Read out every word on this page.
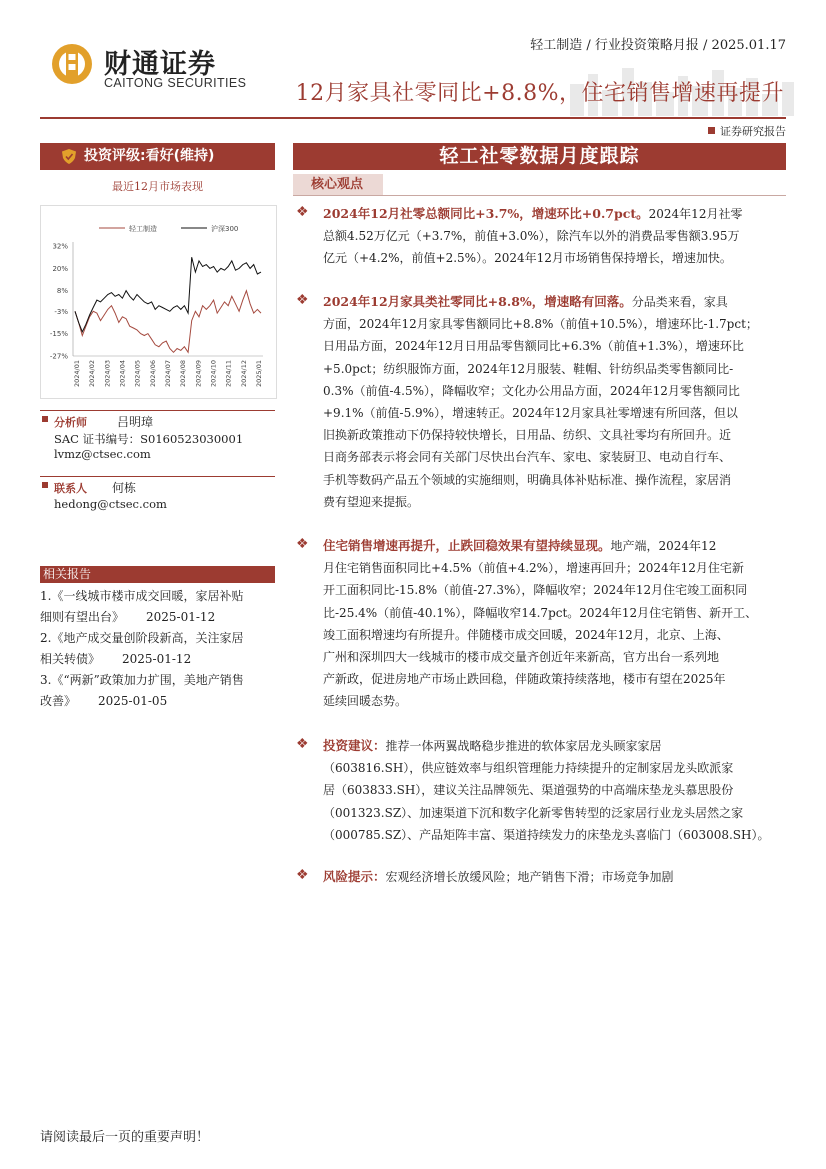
财通证券
CAITONG SECURITIES
轻工制造 / 行业投资策略月报 / 2025.01.17
12月家具社零同比+8.8%，住宅销售增速再提升
证券研究报告
投资评级:看好(维持)
最近12月市场表现
轻工制造	沪深300
32%
20%
8%
-3%
-15%
-27%
2024/01 2024/02 2024/03 2024/04 2024/05 2024/06 2024/07 2024/08 2024/09 2024/10 2024/11 2024/12 2025/01
分析师	吕明璋
SAC 证书编号：S0160523030001
lvmz@ctsec.com
联系人 何栋
hedong@ctsec.com
相关报告
1.《一线城市楼市成交回暖，家居补贴
细则有望出台》 2025-01-12
2.《地产成交量创阶段新高，关注家居
相关转债》 2025-01-12
3.《“两新”政策加力扩围，美地产销售
改善》 2025-01-05
轻工社零数据月度跟踪
核心观点
❖ 2024年12月社零总额同比+3.7%，增速环比+0.7pct。2024年12月社零
总额4.52万亿元（+3.7%，前值+3.0%），除汽车以外的消费品零售额3.95万
亿元（+4.2%，前值+2.5%）。2024年12月市场销售保持增长，增速加快。
❖ 2024年12月家具类社零同比+8.8%，增速略有回落。分品类来看，家具
方面，2024年12月家具零售额同比+8.8%（前值+10.5%），增速环比-1.7pct；
日用品方面，2024年12月日用品零售额同比+6.3%（前值+1.3%），增速环比
+5.0pct；纺织服饰方面，2024年12月服装、鞋帽、针纺织品类零售额同比-
0.3%（前值-4.5%），降幅收窄；文化办公用品方面，2024年12月零售额同比
+9.1%（前值-5.9%），增速转正。2024年12月家具社零增速有所回落，但以
旧换新政策推动下仍保持较快增长，日用品、纺织、文具社零均有所回升。近
日商务部表示将会同有关部门尽快出台汽车、家电、家装厨卫、电动自行车、
手机等数码产品五个领域的实施细则，明确具体补贴标准、操作流程，家居消
费有望迎来提振。
❖ 住宅销售增速再提升，止跌回稳效果有望持续显现。地产端，2024年12
月住宅销售面积同比+4.5%（前值+4.2%），增速再回升；2024年12月住宅新
开工面积同比-15.8%（前值-27.3%），降幅收窄；2024年12月住宅竣工面积同
比-25.4%（前值-40.1%），降幅收窄14.7pct。2024年12月住宅销售、新开工、
竣工面积增速均有所提升。伴随楼市成交回暖，2024年12月，北京、上海、
广州和深圳四大一线城市的楼市成交量齐创近年来新高，官方出台一系列地
产新政，促进房地产市场止跌回稳，伴随政策持续落地，楼市有望在2025年
延续回暖态势。
❖ 投资建议：推荐一体两翼战略稳步推进的软体家居龙头顾家家居
（603816.SH），供应链效率与组织管理能力持续提升的定制家居龙头欧派家
居（603833.SH），建议关注品牌领先、渠道强势的中高端床垫龙头慕思股份
（001323.SZ）、加速渠道下沉和数字化新零售转型的泛家居行业龙头居然之家
（000785.SZ）、产品矩阵丰富、渠道持续发力的床垫龙头喜临门（603008.SH）。
❖ 风险提示：宏观经济增长放缓风险；地产销售下滑；市场竞争加剧
请阅读最后一页的重要声明！
